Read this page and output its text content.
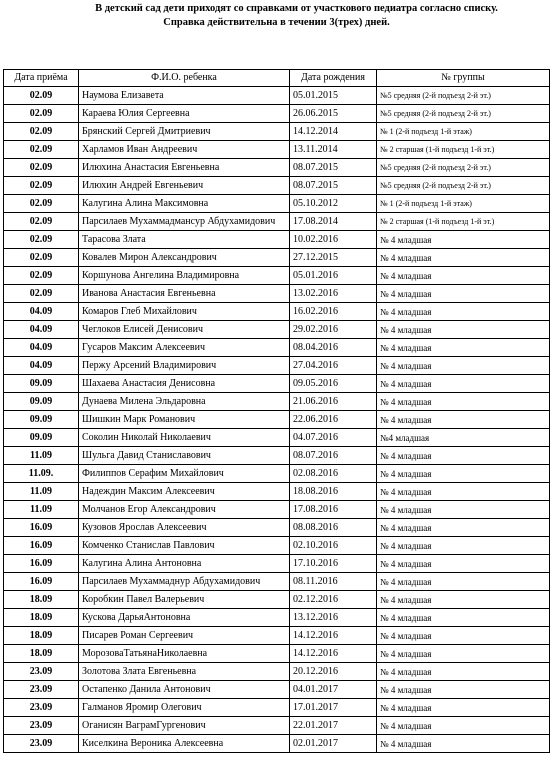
В детский сад дети приходят со справками от участкового педиатра согласно списку.
Справка действительна в течении 3(трех) дней.
Дата приёма	Ф.И.О. ребенка	Дата рождения	№ группы
02.09	Наумова Елизавета	05.01.2015	№5 средняя (2-й подъезд 2-й эт.)
02.09	Караева Юлия Сергеевна	26.06.2015	№5 средняя (2-й подъезд 2-й эт.)
02.09	Брянский Сергей Дмитриевич	14.12.2014	№ 1 (2-й подъезд 1-й этаж)
02.09	Харламов Иван Андреевич	13.11.2014	№ 2 старшая (1-й подъезд 1-й эт.)
02.09	Илюхина Анастасия Евгеньевна	08.07.2015	№5 средняя (2-й подъезд 2-й эт.)
02.09	Илюхин Андрей Евгеньевич	08.07.2015	№5 средняя (2-й подъезд 2-й эт.)
02.09	Калугина Алина Максимовна	05.10.2012	№ 1 (2-й подъезд 1-й этаж)
02.09	Парсилаев Мухаммадмансур Абдухамидович	17.08.2014	№ 2 старшая (1-й подъезд 1-й эт.)
02.09	Тарасова Злата	10.02.2016	№ 4 младшая
02.09	Ковалев Мирон Александрович	27.12.2015	№ 4 младшая
02.09	Коршунова Ангелина Владимировна	05.01.2016	№ 4 младшая
02.09	Иванова Анастасия Евгеньевна	13.02.2016	№ 4 младшая
04.09	Комаров Глеб Михайлович	16.02.2016	№ 4 младшая
04.09	Чеглоков Елисей Денисович	29.02.2016	№ 4 младшая
04.09	Гусаров Максим Алексеевич	08.04.2016	№ 4 младшая
04.09	Пержу Арсений Владимирович	27.04.2016	№ 4 младшая
09.09	Шахаева Анастасия Денисовна	09.05.2016	№ 4 младшая
09.09	Дунаева Милена Эльдаровна	21.06.2016	№ 4 младшая
09.09	Шишкин Марк Романович	22.06.2016	№ 4 младшая
09.09	Соколин Николай Николаевич	04.07.2016	№4 младшая
11.09	Шульга Давид Станиславович	08.07.2016	№ 4 младшая
11.09.	Филиппов Серафим Михайлович	02.08.2016	№ 4 младшая
11.09	Надеждин Максим Алексеевич	18.08.2016	№ 4 младшая
11.09	Молчанов Егор Александрович	17.08.2016	№ 4 младшая
16.09	Кузовов Ярослав Алексеевич	08.08.2016	№ 4 младшая
16.09	Комченко Станислав Павлович	02.10.2016	№ 4 младшая
16.09	Калугина Алина Антоновна	17.10.2016	№ 4 младшая
16.09	Парсилаев Мухаммаднур Абдухамидович	08.11.2016	№ 4 младшая
18.09	Коробкин Павел Валерьевич	02.12.2016	№ 4 младшая
18.09	Кускова ДарьяАнтоновна	13.12.2016	№ 4 младшая
18.09	Писарев Роман Сергеевич	14.12.2016	№ 4 младшая
18.09	МорозоваТатьянаНиколаевна	14.12.2016	№ 4 младшая
23.09	Золотова Злата Евгеньевна	20.12.2016	№ 4 младшая
23.09	Остапенко Данила Антонович	04.01.2017	№ 4 младшая
23.09	Галманов Яромир Олегович	17.01.2017	№ 4 младшая
23.09	Оганисян ВаграмГургенович	22.01.2017	№ 4 младшая
23.09	Киселкина Вероника Алексеевна	02.01.2017	№ 4 младшая
